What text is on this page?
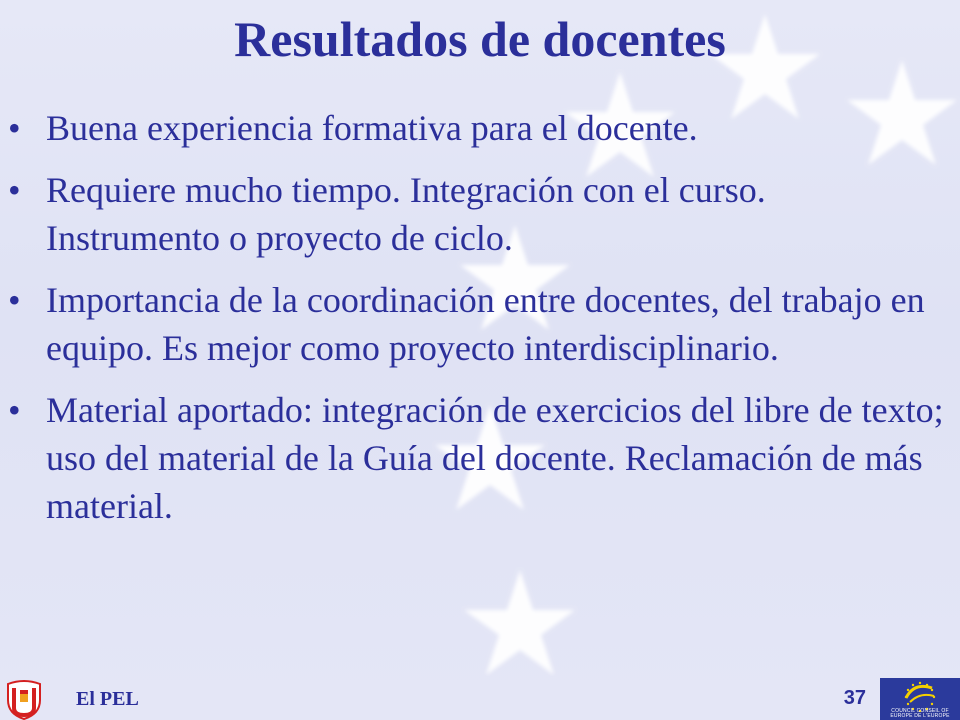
Resultados de docentes
• Buena experiencia formativa para el docente.
• Requiere mucho tiempo. Integración con el curso. Instrumento o proyecto de ciclo.
• Importancia de la coordinación entre docentes, del trabajo en equipo. Es mejor como proyecto interdisciplinario.
• Material aportado: integración de exercicios del libre de texto; uso del material de la Guía del docente. Reclamación de más material.
El PEL	37
COUNCIL CONSEIL OF EUROPE DE L'EUROPE
